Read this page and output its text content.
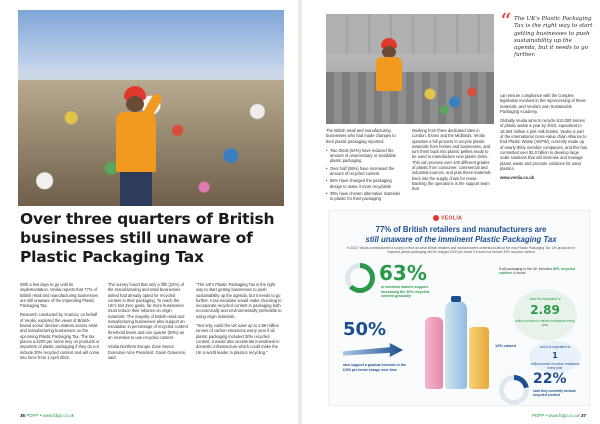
Over three quarters of British businesses still unaware of Plastic Packaging Tax

With a few days to go until its implementation, Veolia reports that 77% of British retail and manufacturing businesses are still unaware of the impending Plastic Packaging Tax.

Research conducted by YouGov, on behalf of Veolia, explored the views of British-based senior decision makers across retail and manufacturing businesses on the upcoming Plastic Packaging Tax. The tax places a £200 per tonne levy on products or importers of plastic packaging if they do not include 30% recycled content and will come into force from 1 April 2022.

The survey found that only a fifth (22%) of the manufacturing and retail businesses asked had already opted for recycled content in their packaging. To reach the UK's Net Zero goals, far more businesses must reduce their reliance on virgin materials. The majority of British retail and manufacturing businesses also support an escalation in percentage of recycled content threshold levels and one quarter (50%) as an incentive to use recycled content.

Veolia Northern Europe Zone Senior Executive Vice President, Gavin Graveson, said:

"The UK's Plastic Packaging Tax is the right way to start getting businesses to push sustainability up the agenda, but it needs to go further. A tax escalator would make choosing to incorporate recycled content in packaging both economically and environmentally preferable to using virgin materials.

"Not only could the UK save up to 2.89 million tonnes of carbon emissions every year if all plastic packaging included 30% recycled content, it would also accelerate investment in domestic infrastructure which could make the UK a world leader in plastics recycling."

36 PDPP • www.fdpp.co.uk
“ The UK's Plastic Packaging Tax is the right way to start getting businesses to push sustainability up the agenda, but it needs to go further.

The British retail and manufacturing businesses who had made changes to their plastic packaging reported:

• Two thirds (64%) have reduced the amount of unnecessary or avoidable plastic packaging
• Over half (58%) have increased the amount of recycled content
• 56% have changed the packaging design to make it more recyclable
• 39% have chosen alternative materials to plastic for their packaging

Working from three dedicated sites in London, Essex and the Midlands, Veolia operates a full process to recycle plastic materials from homes and businesses, and turn them back into plastic pellets ready to be used to manufacture new plastic items. This can process over 100 different grades of plastic from consumer, commercial and industrial sources, and puts these materials back into the supply chain for reuse. Backing the operations is the support team that

can ensure compliance with the complex legislation involved in the reprocessing of these materials, and Veolia's own Sustainable Packaging Academy.

Globally Veolia aims to recycle 610,000 tonnes of plastic waste a year by 2023, equivalent to 16,064 million 4 pint milk bottles. Veolia is part of the international cross-value chain Alliance to End Plastic Waste (AEPW), currently made up of nearly thirty member companies, and this has committed over $1.0 billion to develop large scale solutions that will minimise and manage plastic waste and promote solutions for used plastics.

www.veolia.co.uk

VEOLIA
77% of British retailers and manufacturers are
still unaware of the imminent Plastic Packaging Tax
In 2022, Veolia commissioned a survey to find out what British retailers and manufacturers understood about the new Plastic Packaging Tax. UK-produced or imported plastic packaging will be charged £200 per tonne if it does not include 30% recycled content
63%
of decision makers support increasing the 30% recycled content gradually
50%
also support a gradual increase in the £200 per tonne charge over time
If all packaging in the UK included 30% recycled content, it would
save the equivalent of
2.89
million tonnes of carbon emissions every year
13% raised	now it is equivalent to
1
million tonnes of carbon emissions every year
22%
said they currently include recycled content
PDPP • www.fdpp.co.uk 37
